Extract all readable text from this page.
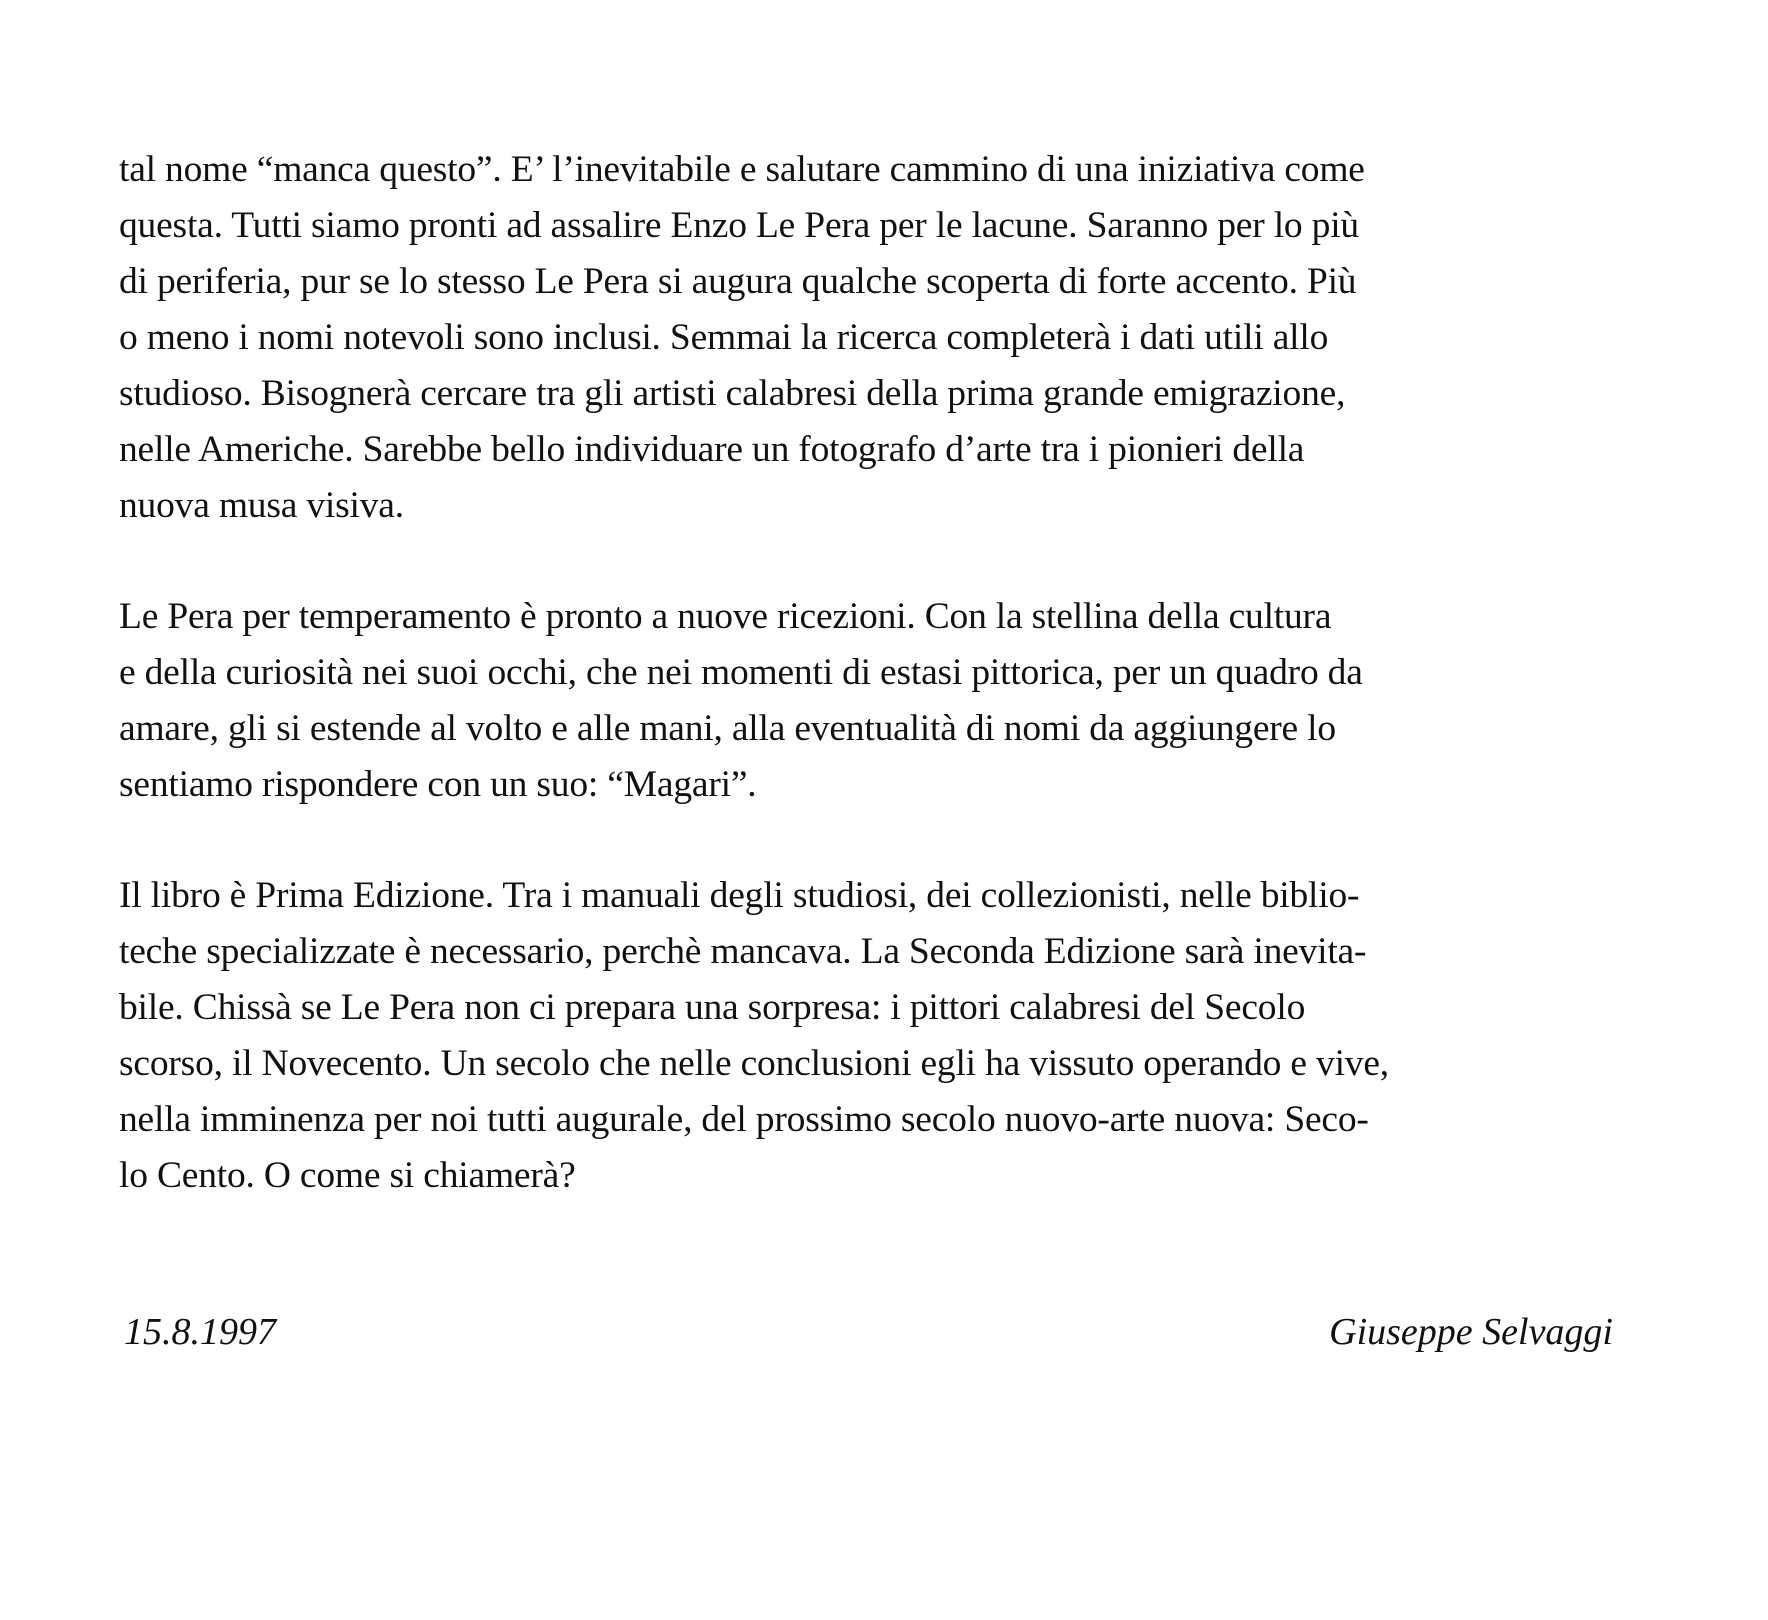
tal nome “manca questo”. E’ l’inevitabile e salutare cammino di una iniziativa come
questa. Tutti siamo pronti ad assalire Enzo Le Pera per le lacune. Saranno per lo più
di periferia, pur se lo stesso Le Pera si augura qualche scoperta di forte accento. Più
o meno i nomi notevoli sono inclusi. Semmai la ricerca completerà i dati utili allo
studioso. Bisognerà cercare tra gli artisti calabresi della prima grande emigrazione,
nelle Americhe. Sarebbe bello individuare un fotografo d’arte tra i pionieri della
nuova musa visiva.
Le Pera per temperamento è pronto a nuove ricezioni. Con la stellina della cultura
e della curiosità nei suoi occhi, che nei momenti di estasi pittorica, per un quadro da
amare, gli si estende al volto e alle mani, alla eventualità di nomi da aggiungere lo
sentiamo rispondere con un suo: “Magari”.
Il libro è Prima Edizione. Tra i manuali degli studiosi, dei collezionisti, nelle biblio-
teche specializzate è necessario, perchè mancava. La Seconda Edizione sarà inevita-
bile. Chissà se Le Pera non ci prepara una sorpresa: i pittori calabresi del Secolo
scorso, il Novecento. Un secolo che nelle conclusioni egli ha vissuto operando e vive,
nella imminenza per noi tutti augurale, del prossimo secolo nuovo-arte nuova: Seco-
lo Cento. O come si chiamerà?
15.8.1997	Giuseppe Selvaggi
